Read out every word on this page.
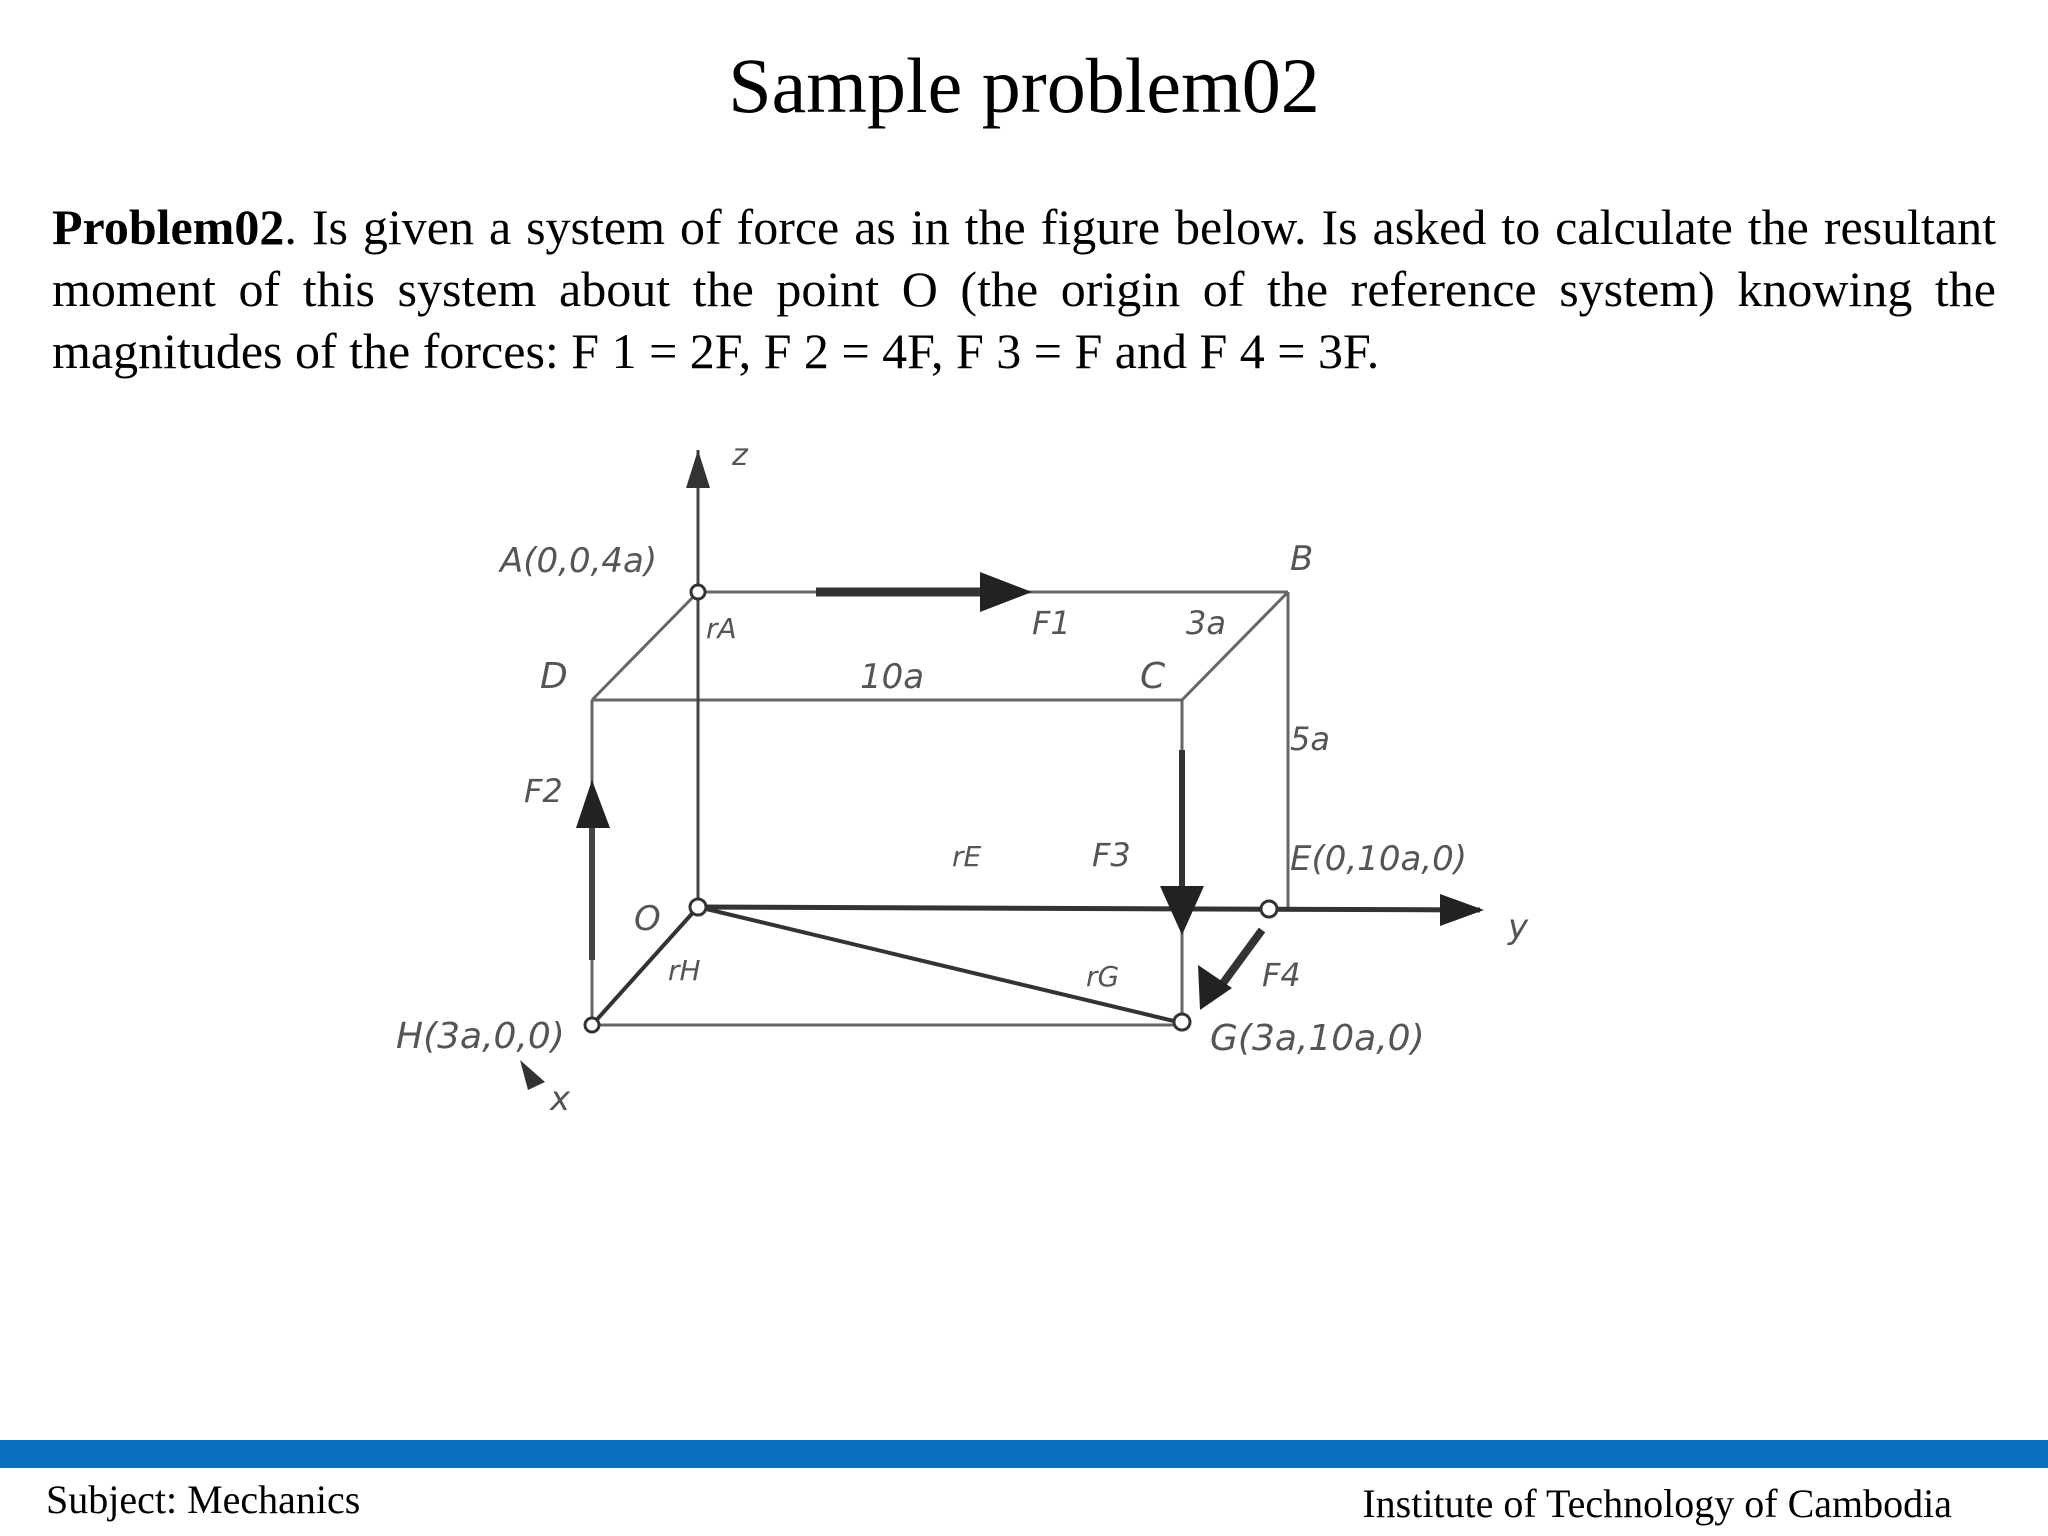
Sample problem02
Problem02. Is given a system of force as in the figure below. Is asked to calculate the resultant moment of this system about the point O (the origin of the reference system) knowing the magnitudes of the forces: F 1 = 2F, F 2 = 4F, F 3 = F and F 4 = 3F.
z
y
x
A(0,0,4a)	B
C
D
O
E(0,10a,0)
G(3a,10a,0)
H(3a,0,0)
3a
10a
5a
rA
rE
rH	rG
F1
F2
F3
F4
Subject: Mechanics	Institute of Technology of Cambodia
